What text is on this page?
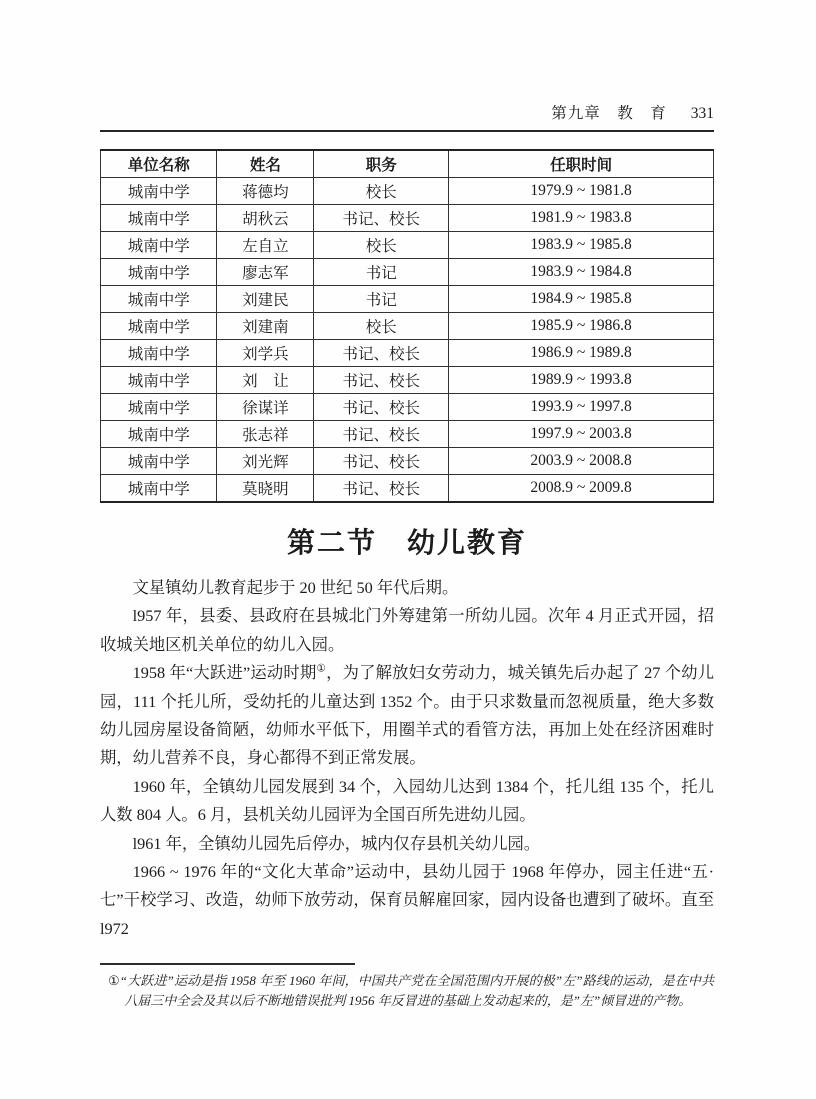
第九章　教　育 331
单位名称	姓名	职务	任职时间
城南中学	蒋德均	校长	1979.9 ~ 1981.8
城南中学	胡秋云	书记、校长	1981.9 ~ 1983.8
城南中学	左自立	校长	1983.9 ~ 1985.8
城南中学	廖志军	书记	1983.9 ~ 1984.8
城南中学	刘建民	书记	1984.9 ~ 1985.8
城南中学	刘建南	校长	1985.9 ~ 1986.8
城南中学	刘学兵	书记、校长	1986.9 ~ 1989.8
城南中学	刘　让	书记、校长	1989.9 ~ 1993.8
城南中学	徐谋详	书记、校长	1993.9 ~ 1997.8
城南中学	张志祥	书记、校长	1997.9 ~ 2003.8
城南中学	刘光辉	书记、校长	2003.9 ~ 2008.8
城南中学	莫晓明	书记、校长	2008.9 ~ 2009.8
第二节　幼儿教育

文星镇幼儿教育起步于 20 世纪 50 年代后期。

l957 年，县委、县政府在县城北门外筹建第一所幼儿园。次年 4 月正式开园，招收城关地区机关单位的幼儿入园。

1958 年“大跃进”运动时期①，为了解放妇女劳动力，城关镇先后办起了 27 个幼儿园，111 个托儿所，受幼托的儿童达到 1352 个。由于只求数量而忽视质量，绝大多数幼儿园房屋设备简陋，幼师水平低下，用圈羊式的看管方法，再加上处在经济困难时期，幼儿营养不良，身心都得不到正常发展。

1960 年，全镇幼儿园发展到 34 个，入园幼儿达到 1384 个，托儿组 135 个，托儿人数 804 人。6 月，县机关幼儿园评为全国百所先进幼儿园。

l961 年，全镇幼儿园先后停办，城内仅存县机关幼儿园。

1966 ~ 1976 年的“文化大革命”运动中，县幼儿园于 1968 年停办，园主任进“五·七”干校学习、改造，幼师下放劳动，保育员解雇回家，园内设备也遭到了破坏。直至 l972

①“大跃进”运动是指 1958 年至 1960 年间，中国共产党在全国范围内开展的极”左”路线的运动，是在中共八届三中全会及其以后不断地错误批判 1956 年反冒进的基础上发动起来的，是”左”倾冒进的产物。
